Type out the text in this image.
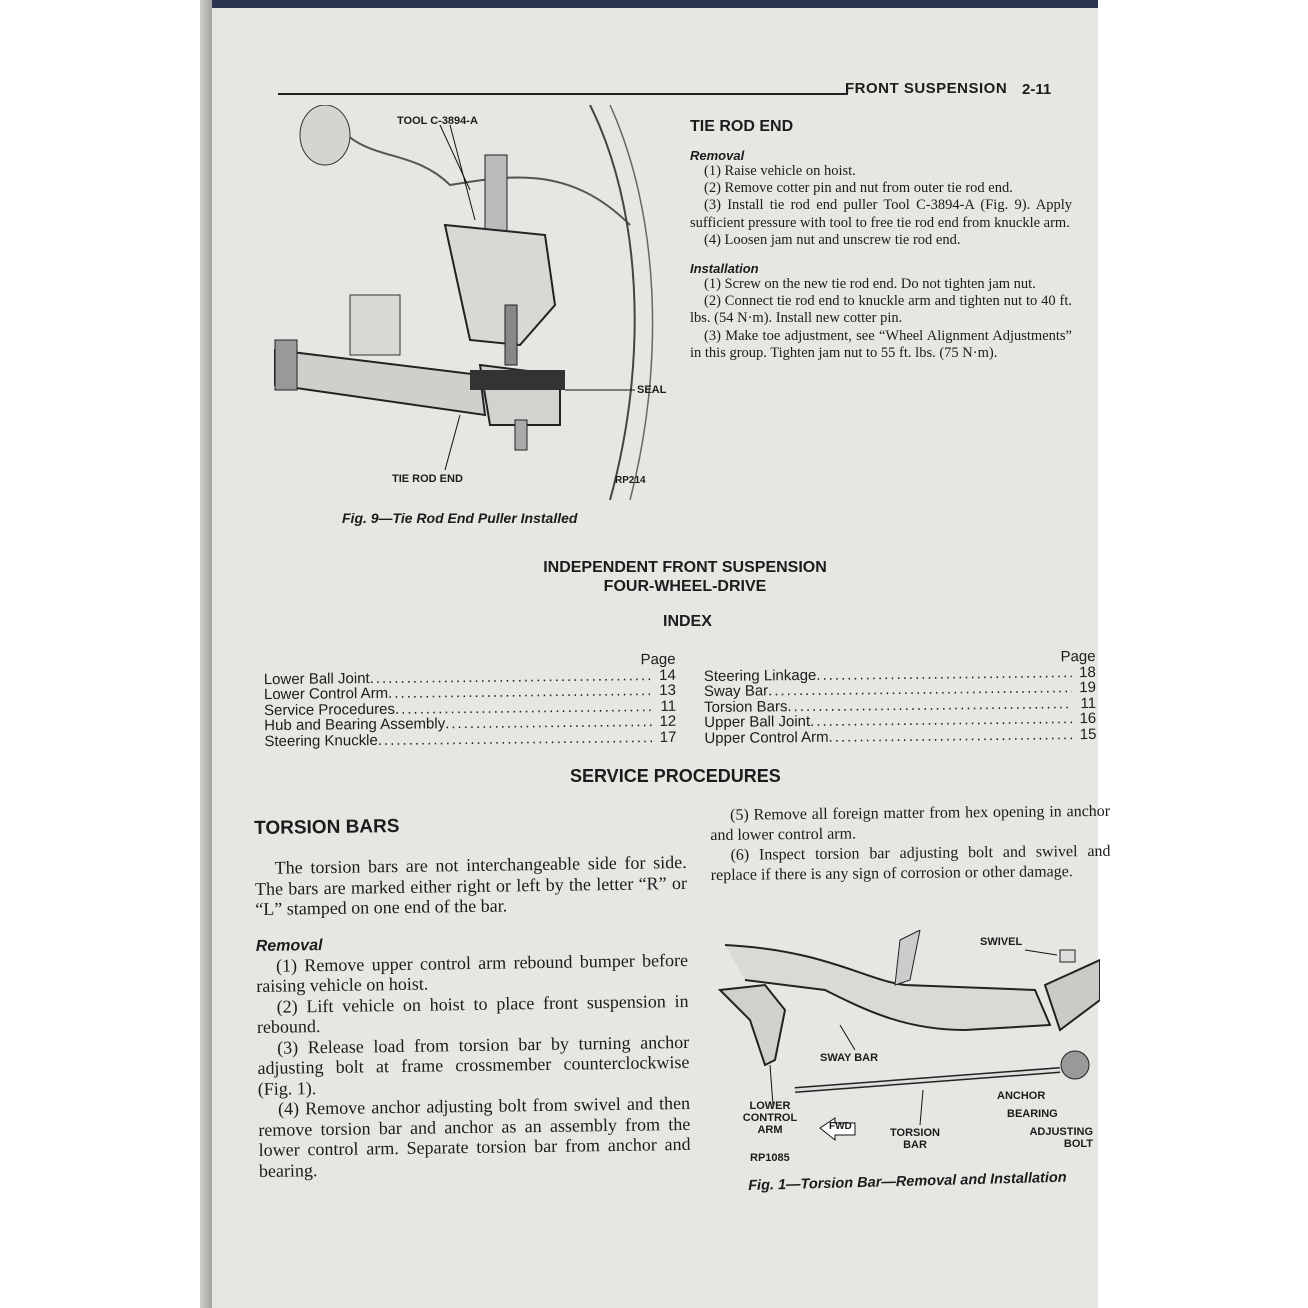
FRONT SUSPENSION 2-11
TOOL C-3894-A
SEAL
TIE ROD END	RP214
Fig. 9—Tie Rod End Puller Installed
TIE ROD END
Removal
(1) Raise vehicle on hoist.
(2) Remove cotter pin and nut from outer tie rod end.
(3) Install tie rod end puller Tool C-3894-A (Fig. 9). Apply sufficient pressure with tool to free tie rod end from knuckle arm.
(4) Loosen jam nut and unscrew tie rod end.
Installation
(1) Screw on the new tie rod end. Do not tighten jam nut.
(2) Connect tie rod end to knuckle arm and tighten nut to 40 ft. lbs. (54 N·m). Install new cotter pin.
(3) Make toe adjustment, see “Wheel Alignment Adjustments” in this group. Tighten jam nut to 55 ft. lbs. (75 N·m).
INDEPENDENT FRONT SUSPENSION
FOUR-WHEEL-DRIVE
INDEX
Page
Lower Ball Joint .....	14
Lower Control Arm .....	13
Service Procedures .....	11
Hub and Bearing Assembly .....	12
Steering Knuckle .....	17
Page
Steering Linkage .....	18
Sway Bar .....	19
Torsion Bars .....	11
Upper Ball Joint .....	16
Upper Control Arm .....	15
SERVICE PROCEDURES
TORSION BARS
The torsion bars are not interchangeable side for side. The bars are marked either right or left by the letter “R” or “L” stamped on one end of the bar.
Removal
(1) Remove upper control arm rebound bumper before raising vehicle on hoist.
(2) Lift vehicle on hoist to place front suspension in rebound.
(3) Release load from torsion bar by turning anchor adjusting bolt at frame crossmember counterclockwise (Fig. 1).
(4) Remove anchor adjusting bolt from swivel and then remove torsion bar and anchor as an assembly from the lower control arm. Separate torsion bar from anchor and bearing.
(5) Remove all foreign matter from hex opening in anchor and lower control arm.
(6) Inspect torsion bar adjusting bolt and swivel and replace if there is any sign of corrosion or other damage.
SWIVEL
SWAY BAR
LOWER CONTROL ARM	FWD
TORSION BAR
ANCHOR
BEARING
ADJUSTING BOLT
RP1085
Fig. 1—Torsion Bar—Removal and Installation
